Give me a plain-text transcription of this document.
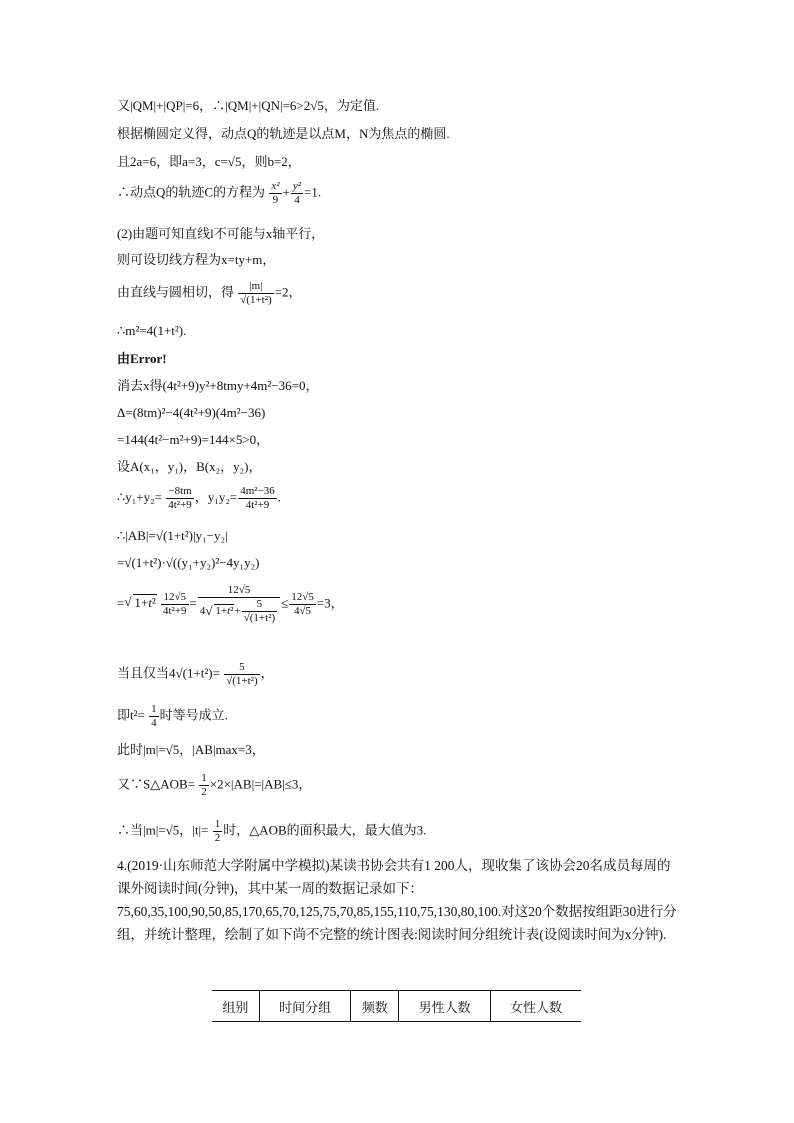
又|QM|+|QP|=6，∴|QM|+|QN|=6>2√5，为定值.
根据椭圆定义得，动点Q的轨迹是以点M，N为焦点的椭圆.
且2a=6，即a=3，c=√5，则b=2，
∴动点Q的轨迹C的方程为 $\frac{\text{x²}}{9} + \frac{\text{y²}}{4} =1$.
(2)由题可知直线l不可能与x轴平行，
则可设切线方程为x=ty+m，
由直线与圆相切，得 $\frac{|m|}{\text{√(1+t²)}} =2$，
∴m²=4(1+t²).
由Error!
消去x得(4t²+9)y²+8tmy+4m²−36=0，
Δ=(8tm)²−4(4t²+9)(4m²−36)
=144(4t²−m²+9)=144×5>0，
设A(x₁，y₁)，B(x₂，y₂)，
∴y₁+y₂= $\frac{-8tm}{\text{4t²+9}}$ ，$y_1y_2= \frac{\text{4m²−36}}{\text{4t²+9}}$ .
∴|AB|=√(1+t²)|y₁−y₂|
=√(1+t²)·√((y₁+y₂)²−4y₁y₂)
= √ $1+t^2 \frac{12√5}{\text{4t²+9}} = \frac{12√5}{4 √ 1+t^2+ \frac{5}{\text{√(1+t²)}}} \le \frac{12√5}{4√5} =3$，
当且仅当$4√(1+t^2)= \frac{5}{\text{√(1+t²)}}$ ，
即$t^2= \frac{1}{4}$ 时等号成立.
此时|m|=√5，|AB|max=3，
又∵S△AOB= $\frac{1}{2} \times 2\times|AB|=|AB|\le 3$，
∴当|m|=√5，$|t|= \frac{1}{2}$ 时，△AOB的面积最大，最大值为3.
4.(2019·山东师范大学附属中学模拟)某读书协会共有1 200人，现收集了该协会20名成员每周的课外阅读时间(分钟)，其中某一周的数据记录如下：75,60,35,100,90,50,85,170,65,70,125,75,70,85,155,110,75,130,80,100.对这20个数据按组距30进行分组，并统计整理，绘制了如下尚不完整的统计图表:阅读时间分组统计表(设阅读时间为x分钟).
组别	时间分组	频数	男性人数	女性人数
